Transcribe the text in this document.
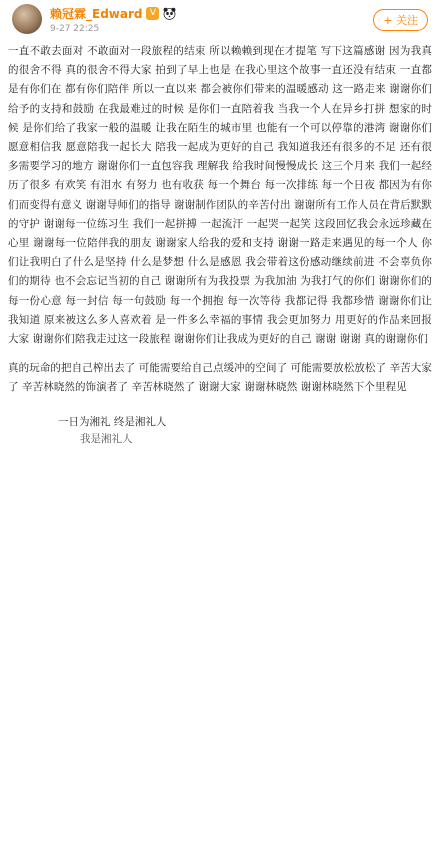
赖冠霖_Edward V
9-27 22:25
+ 关注

一直不敢去面对 不敢面对一段旅程的结束 所以赖赖到现在才提笔 写下这篇感谢 因为我真的很舍不得 真的很舍不得大家 拍到了早上也是 在我心里这个故事一直还没有结束 一直都是有你们在 都有你们陪伴 所以一直以来 都会被你们带来的温暖感动 这一路走来 谢谢你们给予的支持和鼓励 在我最难过的时候 是你们一直陪着我 当我一个人在异乡打拼 想家的时候 是你们给了我家一般的温暖 让我在陌生的城市里 也能有一个可以停靠的港湾 谢谢你们愿意相信我 愿意陪我一起长大 陪我一起成为更好的自己 我知道我还有很多的不足 还有很多需要学习的地方 谢谢你们一直包容我 理解我 给我时间慢慢成长 这三个月来 我们一起经历了很多 有欢笑 有泪水 有努力 也有收获 每一个舞台 每一次排练 每一个日夜 都因为有你们而变得有意义 谢谢导师们的指导 谢谢制作团队的辛苦付出 谢谢所有工作人员在背后默默的守护 谢谢每一位练习生 我们一起拼搏 一起流汗 一起哭一起笑 这段回忆我会永远珍藏在心里 谢谢每一位陪伴我的朋友 谢谢家人给我的爱和支持 谢谢一路走来遇见的每一个人 你们让我明白了什么是坚持 什么是梦想 什么是感恩 我会带着这份感动继续前进 不会辜负你们的期待 也不会忘记当初的自己 谢谢所有为我投票 为我加油 为我打气的你们 谢谢你们的每一份心意 每一封信 每一句鼓励 每一个拥抱 每一次等待 我都记得 我都珍惜 谢谢你们让我知道 原来被这么多人喜欢着 是一件多么幸福的事情 我会更加努力 用更好的作品来回报大家 谢谢你们陪我走过这一段旅程 谢谢你们让我成为更好的自己 谢谢 谢谢 真的谢谢你们

真的玩命的把自己榨出去了 可能需要给自己点缓冲的空间了 可能需要放松放松了 辛苦大家了 辛苦林晓然的饰演者了 辛苦林晓然了 谢谢大家 谢谢林晓然 谢谢林晓然下个里程见

一日为湘礼 终是湘礼人
我是湘礼人
